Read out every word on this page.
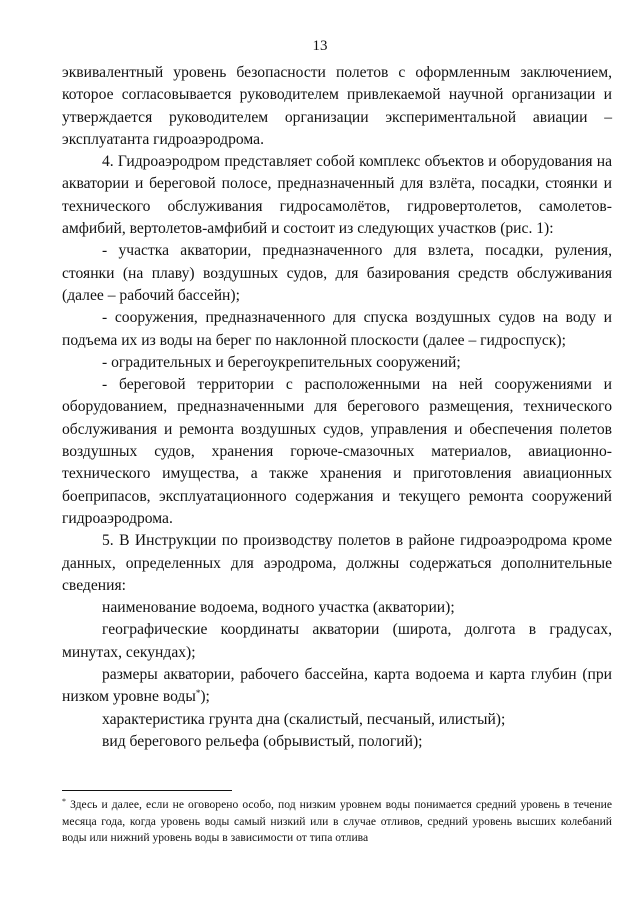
13

эквивалентный уровень безопасности полетов с оформленным заключением, которое согласовывается руководителем привлекаемой научной организации и утверждается руководителем организации экспериментальной авиации – эксплуатанта гидроаэродрома.

4. Гидроаэродром представляет собой комплекс объектов и оборудования на акватории и береговой полосе, предназначенный для взлёта, посадки, стоянки и технического обслуживания гидросамолётов, гидровертолетов, самолетов-амфибий, вертолетов-амфибий и состоит из следующих участков (рис. 1):

- участка акватории, предназначенного для взлета, посадки, руления, стоянки (на плаву) воздушных судов, для базирования средств обслуживания (далее – рабочий бассейн);

- сооружения, предназначенного для спуска воздушных судов на воду и подъема их из воды на берег по наклонной плоскости (далее – гидроспуск);

- оградительных и берегоукрепительных сооружений;

- береговой территории с расположенными на ней сооружениями и оборудованием, предназначенными для берегового размещения, технического обслуживания и ремонта воздушных судов, управления и обеспечения полетов воздушных судов, хранения горюче-смазочных материалов, авиационно-технического имущества, а также хранения и приготовления авиационных боеприпасов, эксплуатационного содержания и текущего ремонта сооружений гидроаэродрома.

5. В Инструкции по производству полетов в районе гидроаэродрома кроме данных, определенных для аэродрома, должны содержаться дополнительные сведения:

наименование водоема, водного участка (акватории);

географические координаты акватории (широта, долгота в градусах, минутах, секундах);

размеры акватории, рабочего бассейна, карта водоема и карта глубин (при низком уровне воды*);

характеристика грунта дна (скалистый, песчаный, илистый);

вид берегового рельефа (обрывистый, пологий);

* Здесь и далее, если не оговорено особо, под низким уровнем воды понимается средний уровень в течение месяца года, когда уровень воды самый низкий или в случае отливов, средний уровень высших колебаний воды или нижний уровень воды в зависимости от типа отлива
